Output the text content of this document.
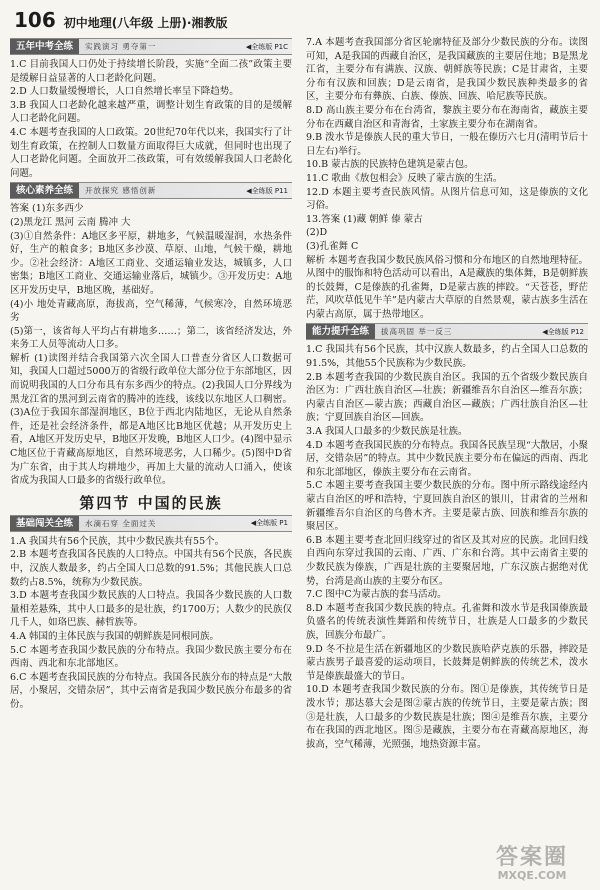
106 初中地理(八年级 上册)·湘教版
五年中考全练	实践演习 勇夺第一	◀全练版 P1C

1.C 目前我国人口仍处于持续增长阶段，实施“全面二孩”政策主要是缓解日益显著的人口老龄化问题。

2.D 人口数量缓慢增长，人口自然增长率呈下降趋势。

3.B 我国人口老龄化越来越严重，调整计划生育政策的目的是缓解人口老龄化问题。

4.C 本题考查我国的人口政策。20世纪70年代以来，我国实行了计划生育政策，在控制人口数量方面取得巨大成就，但同时也出现了人口老龄化问题。全面放开二孩政策，可有效缓解我国人口老龄化问题。

核心素养全练	开放探究 感悟创新	◀全练版 P11

答案 (1)东多西少

(2)黑龙江 黑河 云南 腾冲 大

(3)①自然条件：A地区多平原，耕地多，气候温暖湿润，水热条件好，生产的粮食多；B地区多沙漠、草原、山地，气候干燥，耕地少。②社会经济：A地区工商业、交通运输业发达，城镇多，人口密集；B地区工商业、交通运输业落后，城镇少。③开发历史：A地区开发历史早，B地区晚，基础好。

(4)小 地处青藏高原，海拔高，空气稀薄，气候寒冷，自然环境恶劣

(5)第一，该省每人平均占有耕地多……；第二，该省经济发达，外来务工人员等流动人口多。

解析 (1)读图并结合我国第六次全国人口普查分省区人口数据可知，我国人口超过5000万的省级行政单位大部分位于东部地区，因而说明我国的人口分布具有东多西少的特点。(2)我国人口分界线为黑龙江省的黑河到云南省的腾冲的连线，该线以东地区人口稠密。(3)A位于我国东部湿润地区，B位于西北内陆地区，无论从自然条件，还是社会经济条件，都是A地区比B地区优越；从开发历史上看，A地区开发历史早，B地区开发晚，B地区人口少。(4)图中显示C地区位于青藏高原地区，自然环境恶劣，人口稀少。(5)图中D省为广东省，由于其人均耕地少，再加上大量的流动人口涌入，使该省成为我国人口最多的省级行政单位。

第四节 中国的民族
基础闯关全练	水滴石穿 全面过关	◀全练版 P1

1.A 我国共有56个民族，其中少数民族共有55个。

2.B 本题考查我国各民族的人口特点。中国共有56个民族，各民族中，汉族人数最多，约占全国人口总数的91.5%；其他民族人口总数约占8.5%，统称为少数民族。

3.D 本题考查我国少数民族的人口特点。我国各少数民族的人口数量相差悬殊，其中人口最多的是壮族，约1700万；人数少的民族仅几千人，如珞巴族、赫哲族等。

4.A 韩国的主体民族与我国的朝鲜族是同根同族。

5.C 本题考查我国少数民族的分布特点。我国少数民族主要分布在西南、西北和东北部地区。

6.C 本题考查我国民族的分布特点。我国各民族分布的特点是“大散居，小聚居，交错杂居”，其中云南省是我国少数民族分布最多的省份。

7.A 本题考查我国部分省区轮廓特征及部分少数民族的分布。读图可知，A是我国的西藏自治区，是我国藏族的主要居住地；B是黑龙江省，主要分布有满族、汉族、朝鲜族等民族；C是甘肃省，主要分布有汉族和回族；D是云南省，是我国少数民族种类最多的省区，主要分布有彝族、白族、傣族、回族、哈尼族等民族。

8.D 高山族主要分布在台湾省，黎族主要分布在海南省，藏族主要分布在西藏自治区和青海省，土家族主要分布在湖南省。

9.B 泼水节是傣族人民的重大节日，一般在傣历六七月(清明节后十日左右)举行。

10.B 蒙古族的民族特色建筑是蒙古包。

11.C 歌曲《敖包相会》反映了蒙古族的生活。

12.D 本题主要考查民族风情。从图片信息可知，这是傣族的文化习俗。

13.答案 (1)藏 朝鲜 傣 蒙古

(2)D

(3)孔雀舞 C

解析 本题考查我国少数民族风俗习惯和分布地区的自然地理特征。从图中的服饰和特色活动可以看出，A是藏族的集体舞，B是朝鲜族的长鼓舞，C是傣族的孔雀舞，D是蒙古族的摔跤。“天苍苍，野茫茫，风吹草低见牛羊”是内蒙古大草原的自然景观，蒙古族多生活在内蒙古高原，属于热带地区。

能力提升全练	拔高巩固 举一反三	◀全练版 P12

1.C 我国共有56个民族，其中汉族人数最多，约占全国人口总数的91.5%，其他55个民族称为少数民族。

2.B 本题考查我国的少数民族自治区。我国的五个省级少数民族自治区为：广西壮族自治区—壮族；新疆维吾尔自治区—维吾尔族；内蒙古自治区—蒙古族；西藏自治区—藏族；广西壮族自治区—壮族；宁夏回族自治区—回族。

3.A 我国人口最多的少数民族是壮族。

4.D 本题考查我国民族的分布特点。我国各民族呈现“大散居，小聚居，交错杂居”的特点。其中少数民族主要分布在偏远的西南、西北和东北部地区，傣族主要分布在云南省。

5.C 本题主要考查我国主要少数民族的分布。图中所示路线途经内蒙古自治区的呼和浩特，宁夏回族自治区的银川，甘肃省的兰州和新疆维吾尔自治区的乌鲁木齐。主要是蒙古族、回族和维吾尔族的聚居区。

6.B 本题主要考查北回归线穿过的省区及其对应的民族。北回归线自西向东穿过我国的云南、广西、广东和台湾。其中云南省主要的少数民族为傣族，广西是壮族的主要聚居地，广东汉族占据绝对优势，台湾是高山族的主要分布区。

7.C 图中C为蒙古族的套马活动。

8.D 本题考查我国少数民族的特点。孔雀舞和泼水节是我国傣族最负盛名的传统表演性舞蹈和传统节日，壮族是人口最多的少数民族，回族分布最广。

9.D 冬不拉是生活在新疆地区的少数民族哈萨克族的乐器，摔跤是蒙古族男子最喜爱的运动项目，长鼓舞是朝鲜族的传统艺术，泼水节是傣族最盛大的节日。

10.D 本题考查我国少数民族的分布。图①是傣族，其传统节日是泼水节；那达慕大会是图②蒙古族的传统节日，主要是蒙古族；图③是壮族，人口最多的少数民族是壮族；图④是维吾尔族，主要分布在我国的西北地区。图⑤是藏族，主要分布在青藏高原地区，海拔高，空气稀薄，光照强，地热资源丰富。

答案圈
MXQE.COM
